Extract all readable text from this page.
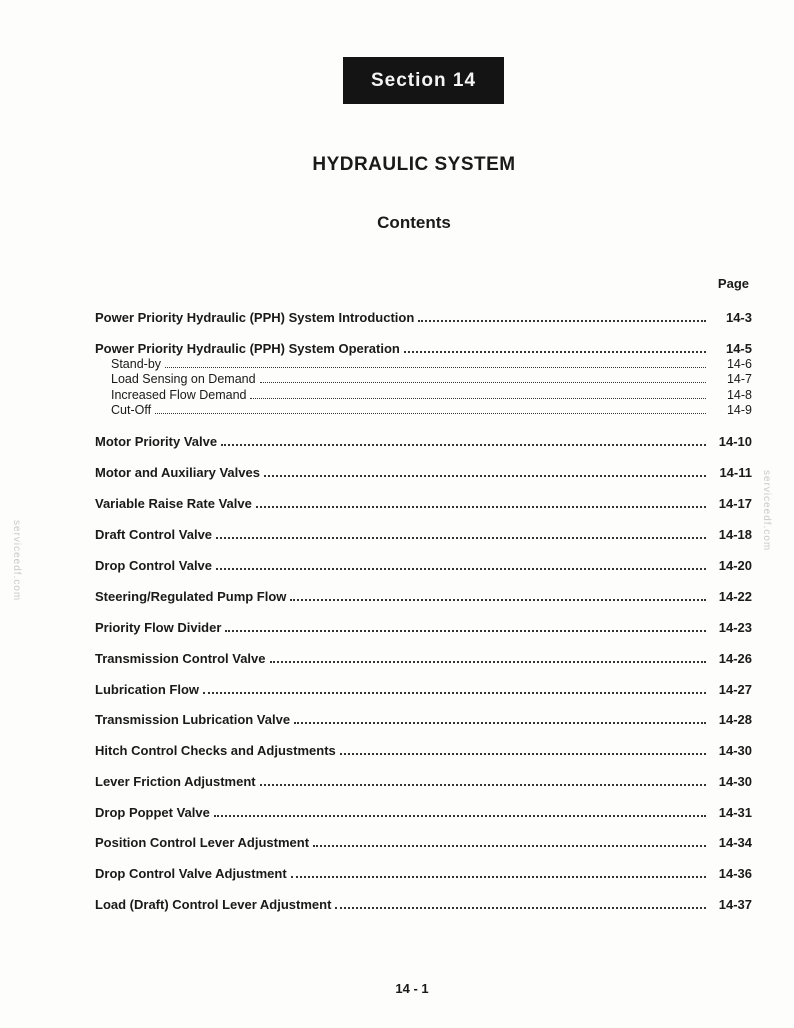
Section 14
HYDRAULIC SYSTEM
Contents
Page
Power Priority Hydraulic (PPH) System Introduction	14-3
Power Priority Hydraulic (PPH) System Operation	14-5
Stand-by	14-6
Load Sensing on Demand	14-7
Increased Flow Demand	14-8
Cut-Off	14-9
Motor Priority Valve	14-10
Motor and Auxiliary Valves	14-11
Variable Raise Rate Valve	14-17
Draft Control Valve	14-18
Drop Control Valve	14-20
Steering/Regulated Pump Flow	14-22
Priority Flow Divider	14-23
Transmission Control Valve	14-26
Lubrication Flow	14-27
Transmission Lubrication Valve	14-28
Hitch Control Checks and Adjustments	14-30
Lever Friction Adjustment	14-30
Drop Poppet Valve	14-31
Position Control Lever Adjustment	14-34
Drop Control Valve Adjustment	14-36
Load (Draft) Control Lever Adjustment	14-37
14 - 1
serviceedf.com
serviceedf.com
